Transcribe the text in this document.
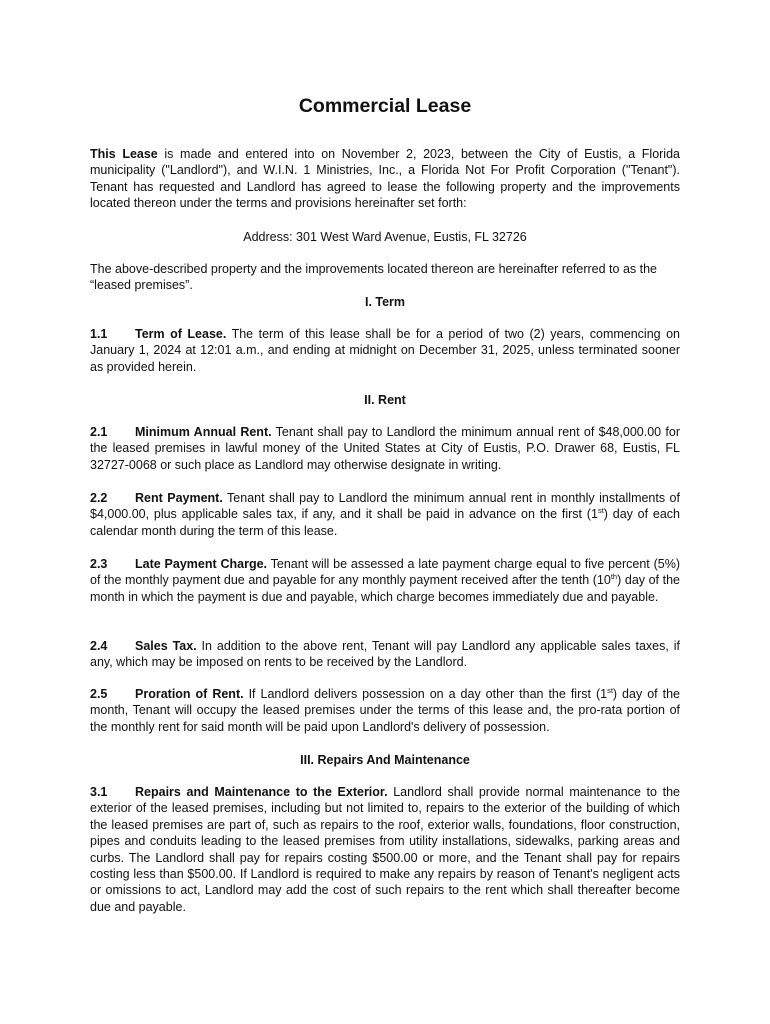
Commercial Lease

This Lease is made and entered into on November 2, 2023, between the City of Eustis, a Florida municipality ("Landlord"), and W.I.N. 1 Ministries, Inc., a Florida Not For Profit Corporation ("Tenant"). Tenant has requested and Landlord has agreed to lease the following property and the improvements located thereon under the terms and provisions hereinafter set forth:

Address: 301 West Ward Avenue, Eustis, FL 32726

The above-described property and the improvements located thereon are hereinafter referred to as the “leased premises”.

I. Term

1.1 Term of Lease. The term of this lease shall be for a period of two (2) years, commencing on January 1, 2024 at 12:01 a.m., and ending at midnight on December 31, 2025, unless terminated sooner as provided herein.

II. Rent

2.1 Minimum Annual Rent. Tenant shall pay to Landlord the minimum annual rent of $48,000.00 for the leased premises in lawful money of the United States at City of Eustis, P.O. Drawer 68, Eustis, FL 32727-0068 or such place as Landlord may otherwise designate in writing.

2.2 Rent Payment. Tenant shall pay to Landlord the minimum annual rent in monthly installments of $4,000.00, plus applicable sales tax, if any, and it shall be paid in advance on the first (1st) day of each calendar month during the term of this lease.

2.3 Late Payment Charge. Tenant will be assessed a late payment charge equal to five percent (5%) of the monthly payment due and payable for any monthly payment received after the tenth (10th) day of the month in which the payment is due and payable, which charge becomes immediately due and payable.

2.4 Sales Tax. In addition to the above rent, Tenant will pay Landlord any applicable sales taxes, if any, which may be imposed on rents to be received by the Landlord.

2.5 Proration of Rent. If Landlord delivers possession on a day other than the first (1st) day of the month, Tenant will occupy the leased premises under the terms of this lease and, the pro-rata portion of the monthly rent for said month will be paid upon Landlord's delivery of possession.

III. Repairs And Maintenance

3.1 Repairs and Maintenance to the Exterior. Landlord shall provide normal maintenance to the exterior of the leased premises, including but not limited to, repairs to the exterior of the building of which the leased premises are part of, such as repairs to the roof, exterior walls, foundations, floor construction, pipes and conduits leading to the leased premises from utility installations, sidewalks, parking areas and curbs. The Landlord shall pay for repairs costing $500.00 or more, and the Tenant shall pay for repairs costing less than $500.00. If Landlord is required to make any repairs by reason of Tenant's negligent acts or omissions to act, Landlord may add the cost of such repairs to the rent which shall thereafter become due and payable.
